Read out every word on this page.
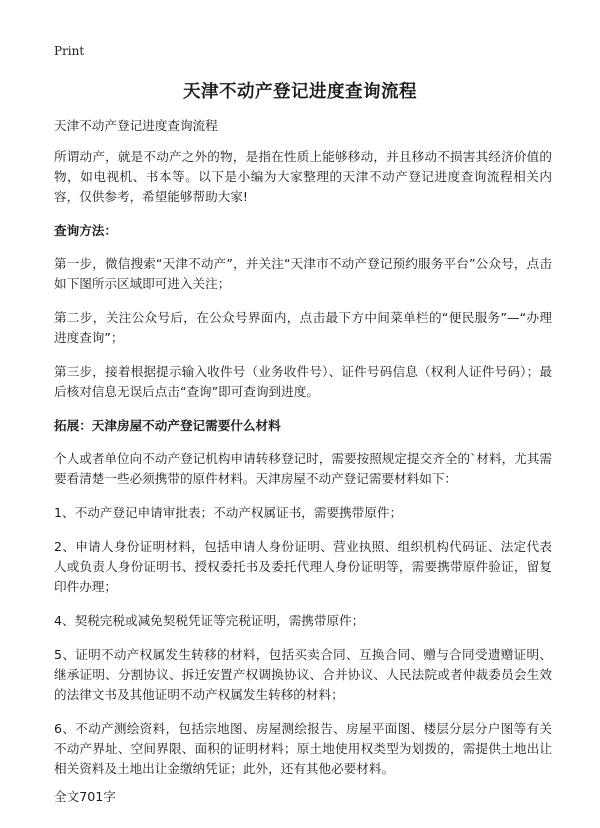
Print
天津不动产登记进度查询流程
天津不动产登记进度查询流程
所谓动产，就是不动产之外的物，是指在性质上能够移动，并且移动不损害其经济价值的物，如电视机、书本等。以下是小编为大家整理的天津不动产登记进度查询流程相关内容，仅供参考，希望能够帮助大家!
查询方法：
第一步，微信搜索“天津不动产”，并关注“天津市不动产登记预约服务平台”公众号，点击如下图所示区域即可进入关注；
第二步，关注公众号后，在公众号界面内，点击最下方中间菜单栏的“便民服务”—“办理进度查询”；
第三步，接着根据提示输入收件号（业务收件号）、证件号码信息（权利人证件号码）；最后核对信息无误后点击“查询”即可查询到进度。
拓展：天津房屋不动产登记需要什么材料
个人或者单位向不动产登记机构申请转移登记时，需要按照规定提交齐全的`材料，尤其需要看清楚一些必须携带的原件材料。天津房屋不动产登记需要材料如下：
1、不动产登记申请审批表；不动产权属证书，需要携带原件；
2、申请人身份证明材料，包括申请人身份证明、营业执照、组织机构代码证、法定代表人或负责人身份证明书、授权委托书及委托代理人身份证明等，需要携带原件验证，留复印件办理；
4、契税完税或减免契税凭证等完税证明，需携带原件；
5、证明不动产权属发生转移的材料，包括买卖合同、互换合同、赠与合同受遗赠证明、继承证明、分割协议、拆迁安置产权调换协议、合并协议、人民法院或者仲裁委员会生效的法律文书及其他证明不动产权属发生转移的材料；
6、不动产测绘资料，包括宗地图、房屋测绘报告、房屋平面图、楼层分层分户图等有关不动产界址、空间界限、面积的证明材料；原土地使用权类型为划拨的，需提供土地出让相关资料及土地出让金缴纳凭证；此外，还有其他必要材料。
全文701字
